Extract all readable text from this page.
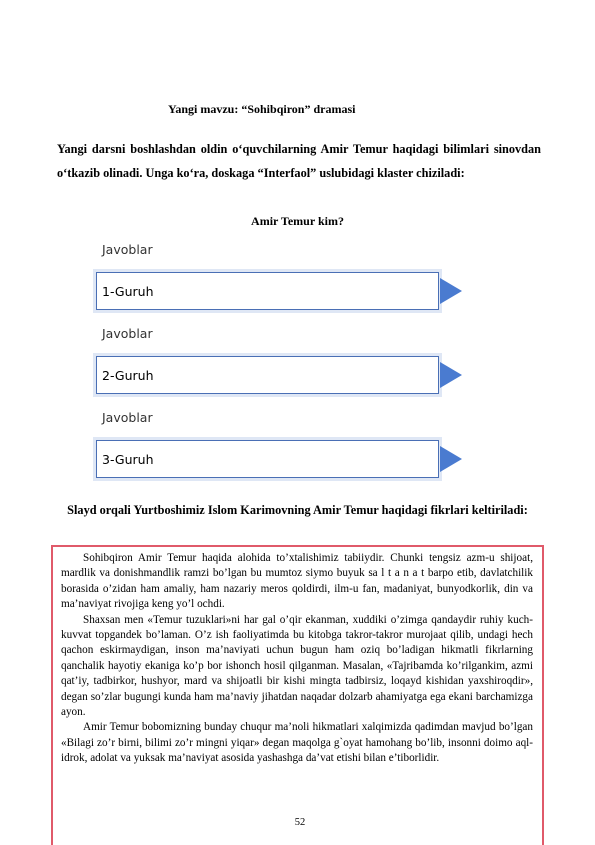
Yangi mavzu: “Sohibqiron” dramasi
Yangi darsni boshlashdan oldin o‘quvchilarning Amir Temur haqidagi bilimlari sinovdan o‘tkazib olinadi. Unga ko‘ra, doskaga “Interfaol” uslubidagi klaster chiziladi:
Amir Temur kim?
Javoblar
1-Guruh
Javoblar
2-Guruh
Javoblar
3-Guruh
Slayd orqali Yurtboshimiz Islom Karimovning Amir Temur haqidagi fikrlari keltiriladi:

Sohibqiron Amir Temur haqida alohida to’xtalishimiz tabiiydir. Chunki tengsiz azm-u shijoat, mardlik va donishmandlik ramzi bo’lgan bu mumtoz siymo buyuk sa l t a n a t barpo etib, davlatchilik borasida o’zidan ham amaliy, ham nazariy meros qoldirdi, ilm-u fan, madaniyat, bunyodkorlik, din va ma’naviyat rivojiga keng yo’l ochdi.

Shaxsan men «Temur tuzuklari»ni har gal o’qir ekanman, xuddiki o’zimga qandaydir ruhiy kuch-kuvvat topgandek bo’laman. O’z ish faoliyatimda bu kitobga takror-takror murojaat qilib, undagi hech qachon eskirmaydigan, inson ma’naviyati uchun bugun ham oziq bo’ladigan hikmatli fikrlarning qanchalik hayotiy ekaniga ko’p bor ishonch hosil qilganman. Masalan, «Tajribamda ko’rilgankim, azmi qat’iy, tadbirkor, hushyor, mard va shijoatli bir kishi mingta tadbirsiz, loqayd kishidan yaxshiroqdir», degan so’zlar bugungi kunda ham ma’naviy jihatdan naqadar dolzarb ahamiyatga ega ekani barchamizga ayon.

Amir Temur bobomizning bunday chuqur ma’noli hikmatlari xalqimizda qadimdan mavjud bo’lgan «Bilagi zo’r birni, bilimi zo’r mingni yiqar» degan maqolga g`oyat hamohang bo’lib, insonni doimo aql-idrok, adolat va yuksak ma’naviyat asosida yashashga da’vat etishi bilan e’tiborlidir.

52
